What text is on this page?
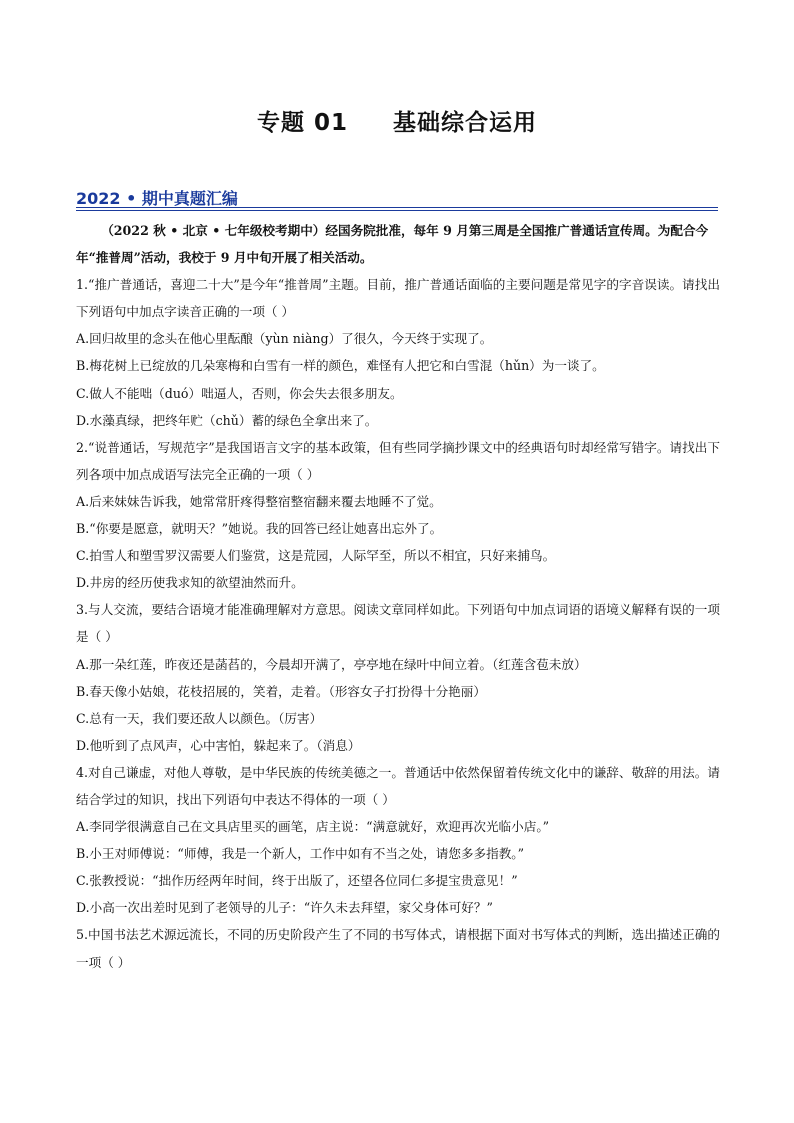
专题 01     基础综合运用
2022 • 期中真题汇编

（2022 秋 • 北京 • 七年级校考期中）经国务院批准，每年 9 月第三周是全国推广普通话宣传周。为配合今年“推普周”活动，我校于 9 月中旬开展了相关活动。

1.“推广普通话，喜迎二十大”是今年“推普周”主题。目前，推广普通话面临的主要问题是常见字的字音误读。请找出下列语句中加点字读音正确的一项（ ）

A.回归故里的念头在他心里酝酿（yùn niàng）了很久，今天终于实现了。

B.梅花树上已绽放的几朵寒梅和白雪有一样的颜色，难怪有人把它和白雪混（hǔn）为一谈了。

C.做人不能咄（duó）咄逼人，否则，你会失去很多朋友。

D.水藻真绿，把终年贮（chǔ）蓄的绿色全拿出来了。

2.“说普通话，写规范字”是我国语言文字的基本政策，但有些同学摘抄课文中的经典语句时却经常写错字。请找出下列各项中加点成语写法完全正确的一项（ ）

A.后来妹妹告诉我，她常常肝疼得整宿整宿翻来覆去地睡不了觉。

B.“你要是愿意，就明天？”她说。我的回答已经让她喜出忘外了。

C.拍雪人和塑雪罗汉需要人们鉴赏，这是荒园，人际罕至，所以不相宜，只好来捕鸟。

D.井房的经历使我求知的欲望油然而升。

3.与人交流，要结合语境才能准确理解对方意思。阅读文章同样如此。下列语句中加点词语的语境义解释有误的一项是（ ）

A.那一朵红莲，昨夜还是菡萏的，今晨却开满了，亭亭地在绿叶中间立着。（红莲含苞未放）

B.春天像小姑娘，花枝招展的，笑着，走着。（形容女子打扮得十分艳丽）

C.总有一天，我们要还敌人以颜色。（厉害）

D.他听到了点风声，心中害怕，躲起来了。（消息）

4.对自己谦虚，对他人尊敬，是中华民族的传统美德之一。普通话中依然保留着传统文化中的谦辞、敬辞的用法。请结合学过的知识，找出下列语句中表达不得体的一项（ ）

A.李同学很满意自己在文具店里买的画笔，店主说：“满意就好，欢迎再次光临小店。”

B.小王对师傅说：“师傅，我是一个新人，工作中如有不当之处，请您多多指教。”

C.张教授说：“拙作历经两年时间，终于出版了，还望各位同仁多提宝贵意见！”

D.小高一次出差时见到了老领导的儿子：“许久未去拜望，家父身体可好？”

5.中国书法艺术源远流长，不同的历史阶段产生了不同的书写体式，请根据下面对书写体式的判断，选出描述正确的一项（ ）
